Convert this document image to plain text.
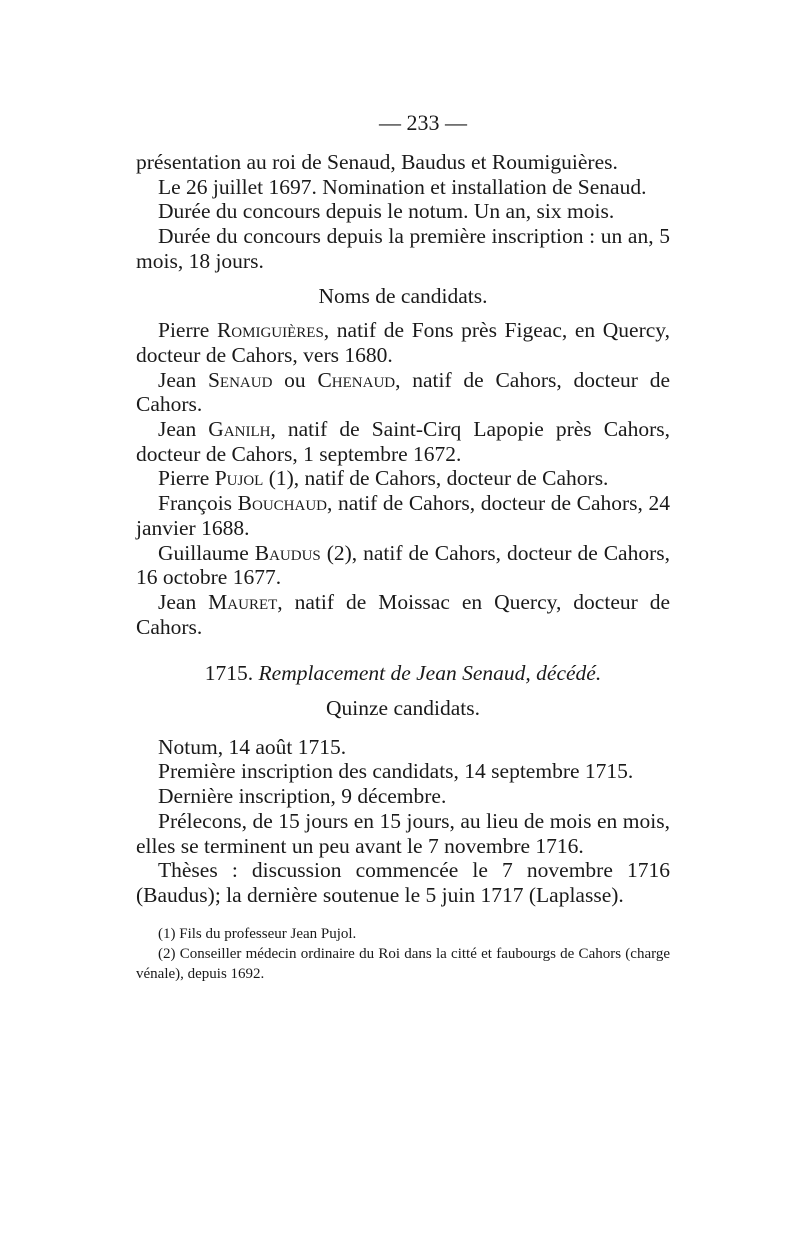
— 233 —

présentation au roi de Senaud, Baudus et Roumiguières.

Le 26 juillet 1697. Nomination et installation de Senaud.

Durée du concours depuis le notum. Un an, six mois.

Durée du concours depuis la première inscription : un an, 5 mois, 18 jours.

Noms de candidats.

Pierre Romiguières, natif de Fons près Figeac, en Quercy, docteur de Cahors, vers 1680.

Jean Senaud ou Chenaud, natif de Cahors, docteur de Cahors.

Jean Ganilh, natif de Saint-Cirq Lapopie près Cahors, docteur de Cahors, 1 septembre 1672.

Pierre Pujol (1), natif de Cahors, docteur de Cahors.

François Bouchaud, natif de Cahors, docteur de Cahors, 24 janvier 1688.

Guillaume Baudus (2), natif de Cahors, docteur de Cahors, 16 octobre 1677.

Jean Mauret, natif de Moissac en Quercy, docteur de Cahors.

1715. Remplacement de Jean Senaud, décédé.

Quinze candidats.

Notum, 14 août 1715.

Première inscription des candidats, 14 septembre 1715.

Dernière inscription, 9 décembre.

Prélecons, de 15 jours en 15 jours, au lieu de mois en mois, elles se terminent un peu avant le 7 novembre 1716.

Thèses : discussion commencée le 7 novembre 1716 (Baudus); la dernière soutenue le 5 juin 1717 (Laplasse).

(1) Fils du professeur Jean Pujol.

(2) Conseiller médecin ordinaire du Roi dans la citté et faubourgs de Cahors (charge vénale), depuis 1692.
